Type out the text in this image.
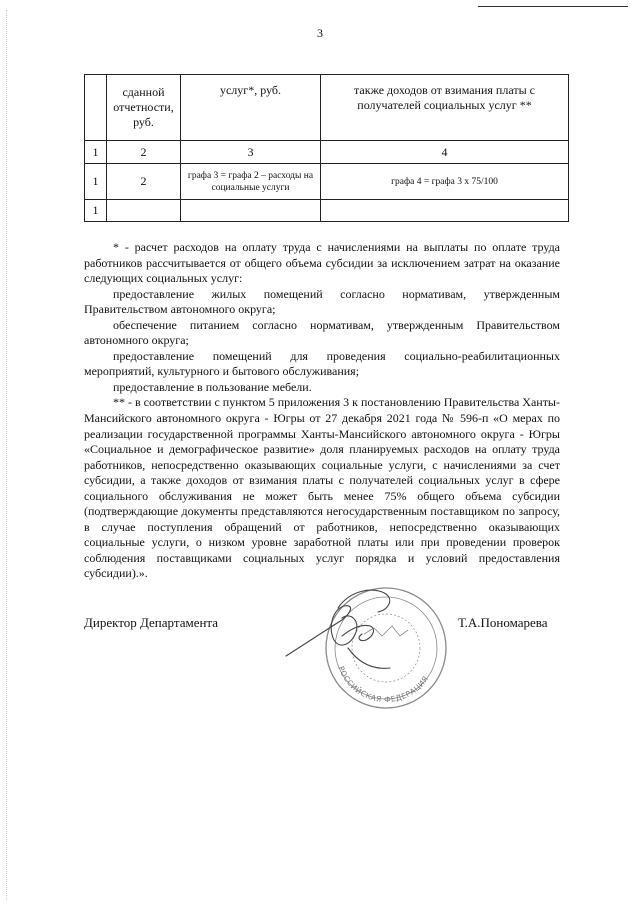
3
	сданной отчетности, руб.	услуг*, руб.	также доходов от взимания платы с получателей социальных услуг **
1	2	3	4
1	2	графа 3 = графа 2 – расходы на социальные услуги	графа 4 = графа 3 х 75/100
1			

* - расчет расходов на оплату труда с начислениями на выплаты по оплате труда работников рассчитывается от общего объема субсидии за исключением затрат на оказание следующих социальных услуг:

предоставление жилых помещений согласно нормативам, утвержденным Правительством автономного округа;

обеспечение питанием согласно нормативам, утвержденным Правительством автономного округа;

предоставление помещений для проведения социально-реабилитационных мероприятий, культурного и бытового обслуживания;

предоставление в пользование мебели.

** - в соответствии с пунктом 5 приложения 3 к постановлению Правительства Ханты-Мансийского автономного округа - Югры от 27 декабря 2021 года № 596-п «О мерах по реализации государственной программы Ханты-Мансийского автономного округа - Югры «Социальное и демографическое развитие» доля планируемых расходов на оплату труда работников, непосредственно оказывающих социальные услуги, с начислениями за счет субсидии, а также доходов от взимания платы с получателей социальных услуг в сфере социального обслуживания не может быть менее 75% общего объема субсидии (подтверждающие документы представляются негосударственным поставщиком по запросу, в случае поступления обращений от работников, непосредственно оказывающих социальные услуги, о низком уровне заработной платы или при проведении проверок соблюдения поставщиками социальных услуг порядка и условий предоставления субсидии).».

Директор Департамента	Т.А.Пономарева
РОССИЙСКАЯ ФЕДЕРАЦИЯ
